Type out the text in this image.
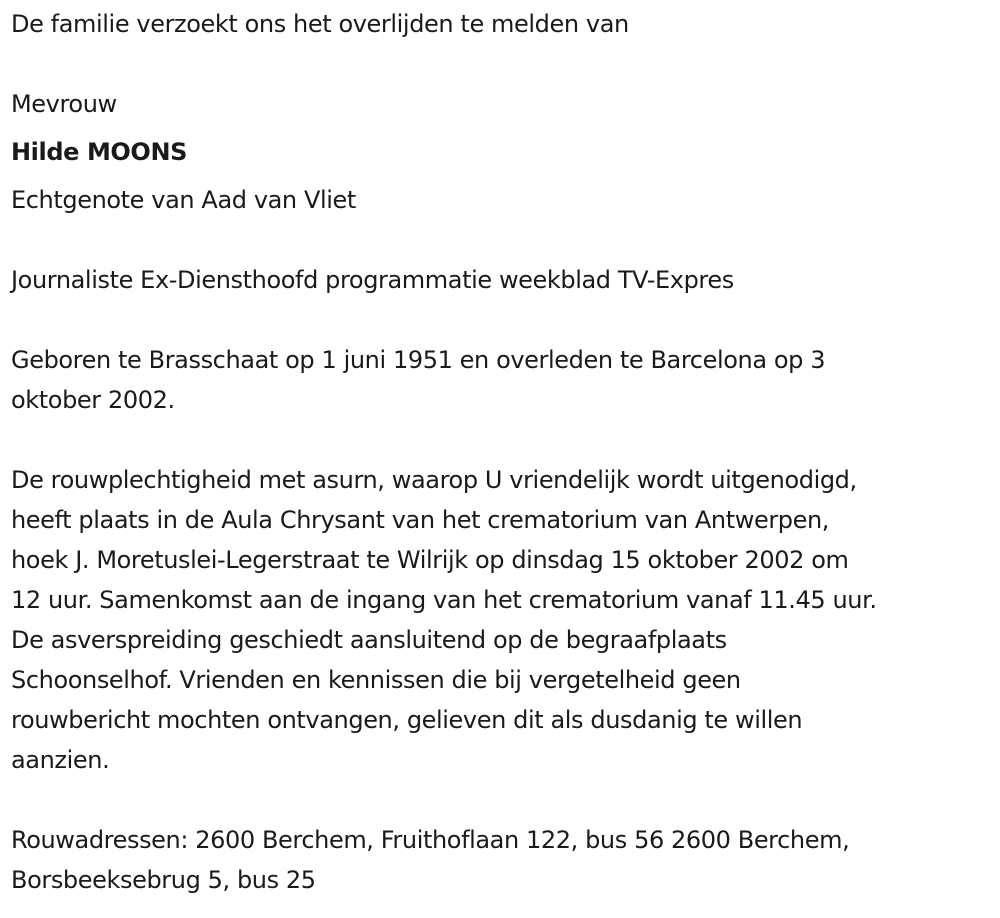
De familie verzoekt ons het overlijden te melden van
Mevrouw
Hilde MOONS
Echtgenote van Aad van Vliet
Journaliste Ex-Diensthoofd programmatie weekblad TV-Expres
Geboren te Brasschaat op 1 juni 1951 en overleden te Barcelona op 3
oktober 2002.
De rouwplechtigheid met asurn, waarop U vriendelijk wordt uitgenodigd,
heeft plaats in de Aula Chrysant van het crematorium van Antwerpen,
hoek J. Moretuslei-Legerstraat te Wilrijk op dinsdag 15 oktober 2002 om
12 uur. Samenkomst aan de ingang van het crematorium vanaf 11.45 uur.
De asverspreiding geschiedt aansluitend op de begraafplaats
Schoonselhof. Vrienden en kennissen die bij vergetelheid geen
rouwbericht mochten ontvangen, gelieven dit als dusdanig te willen
aanzien.
Rouwadressen: 2600 Berchem, Fruithoflaan 122, bus 56 2600 Berchem,
Borsbeeksebrug 5, bus 25
